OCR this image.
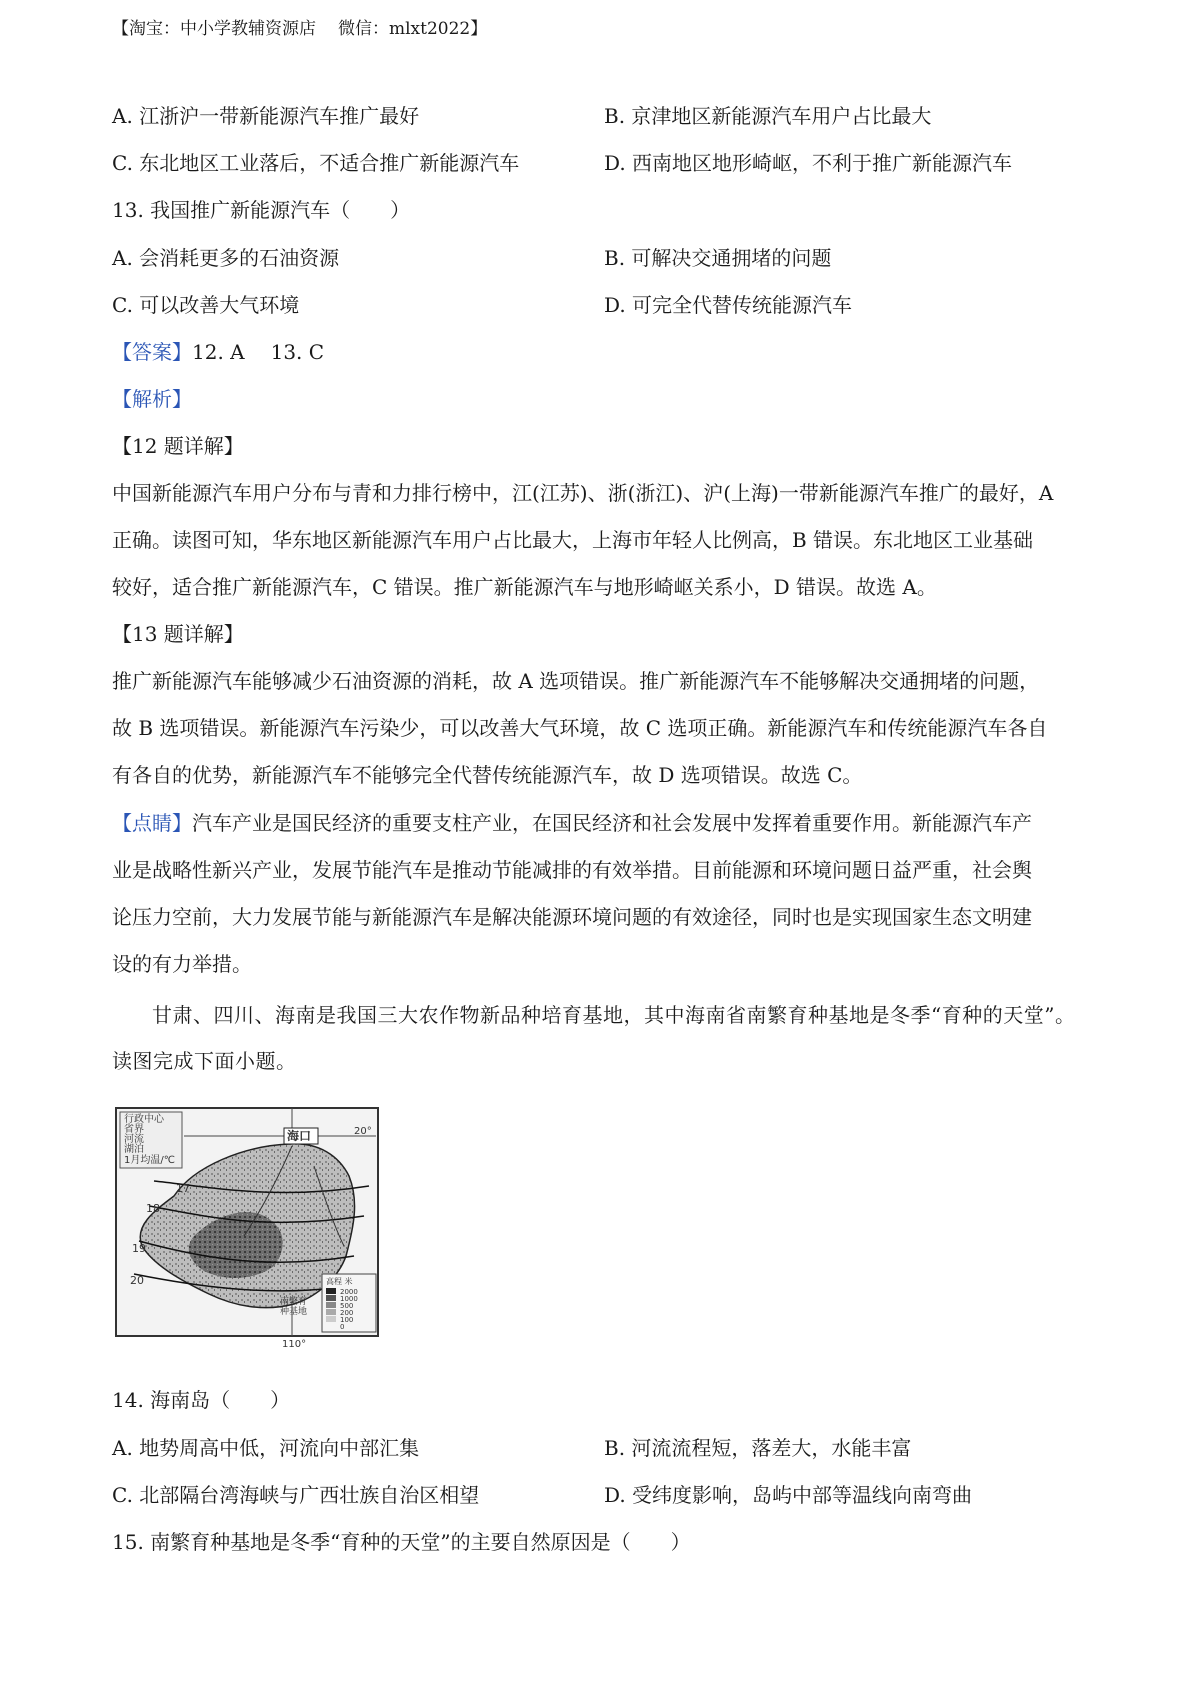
【淘宝：中小学教辅资源店 微信：mlxt2022】
A. 江浙沪一带新能源汽车推广最好	B. 京津地区新能源汽车用户占比最大
C. 东北地区工业落后，不适合推广新能源汽车	D. 西南地区地形崎岖，不利于推广新能源汽车
13. 我国推广新能源汽车（　　）
A. 会消耗更多的石油资源	B. 可解决交通拥堵的问题
C. 可以改善大气环境	D. 可完全代替传统能源汽车
【答案】12. A 13. C
【解析】
【12 题详解】
中国新能源汽车用户分布与青和力排行榜中，江(江苏)、浙(浙江)、沪(上海)一带新能源汽车推广的最好，A
正确。读图可知，华东地区新能源汽车用户占比最大，上海市年轻人比例高，B 错误。东北地区工业基础
较好，适合推广新能源汽车，C 错误。推广新能源汽车与地形崎岖关系小，D 错误。故选 A。
【13 题详解】
推广新能源汽车能够减少石油资源的消耗，故 A 选项错误。推广新能源汽车不能够解决交通拥堵的问题，
故 B 选项错误。新能源汽车污染少，可以改善大气环境，故 C 选项正确。新能源汽车和传统能源汽车各自
有各自的优势，新能源汽车不能够完全代替传统能源汽车，故 D 选项错误。故选 C。
【点睛】汽车产业是国民经济的重要支柱产业，在国民经济和社会发展中发挥着重要作用。新能源汽车产
业是战略性新兴产业，发展节能汽车是推动节能减排的有效举措。目前能源和环境问题日益严重，社会舆
论压力空前，大力发展节能与新能源汽车是解决能源环境问题的有效途径，同时也是实现国家生态文明建
设的有力举措。
甘肃、四川、海南是我国三大农作物新品种培育基地，其中海南省南繁育种基地是冬季“育种的天堂”。
读图完成下面小题。
行政中心
省界
河流
湖泊
1月均温/℃
海口	20°
17
18
19
20
南繁育
种基地
高程 米
2000
1000
500
200
100
0
110°
14. 海南岛（　　）
A. 地势周高中低，河流向中部汇集	B. 河流流程短，落差大，水能丰富
C. 北部隔台湾海峡与广西壮族自治区相望	D. 受纬度影响，岛屿中部等温线向南弯曲
15. 南繁育种基地是冬季“育种的天堂”的主要自然原因是（　　）
